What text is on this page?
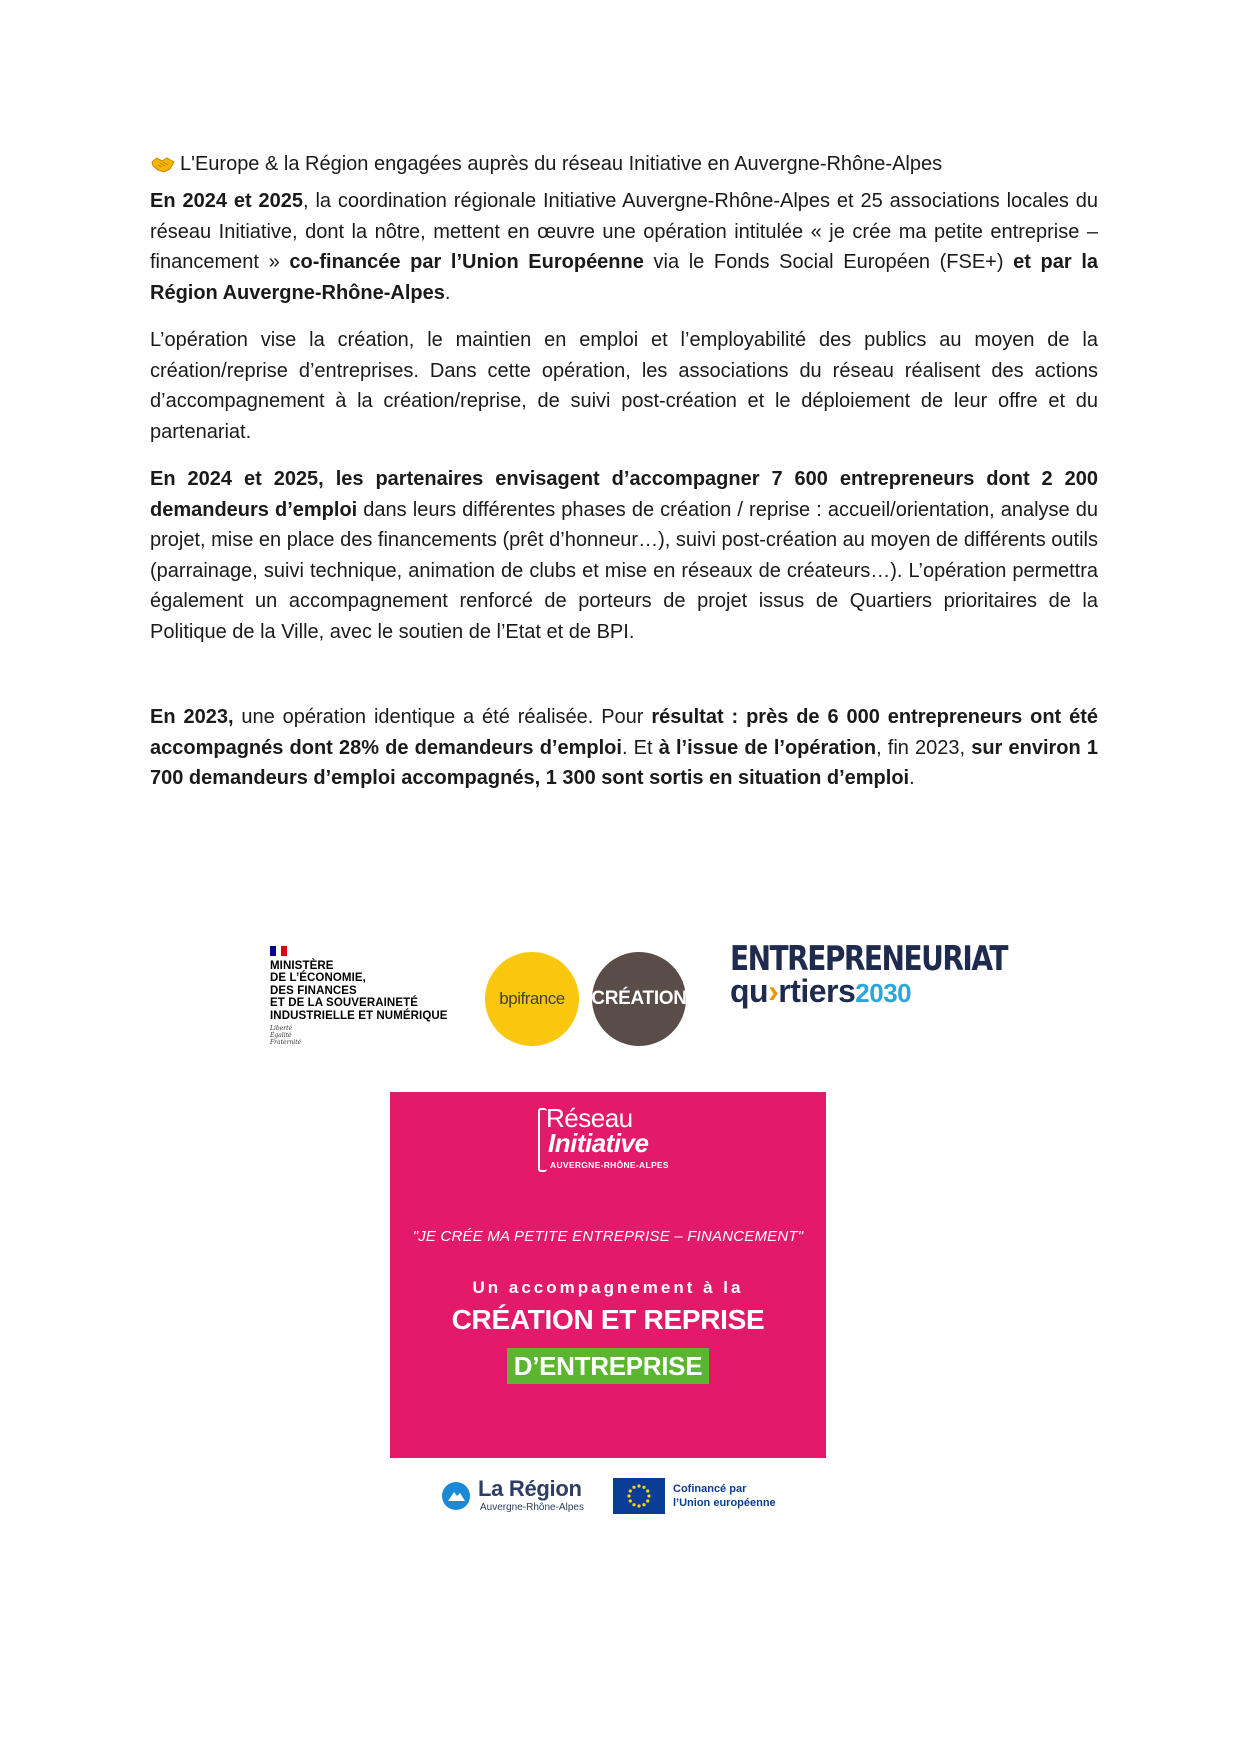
L'Europe & la Région engagées auprès du réseau Initiative en Auvergne-Rhône-Alpes

En 2024 et 2025, la coordination régionale Initiative Auvergne-Rhône-Alpes et 25 associations locales du réseau Initiative, dont la nôtre, mettent en œuvre une opération intitulée « je crée ma petite entreprise – financement » co-financée par l’Union Européenne via le Fonds Social Européen (FSE+) et par la Région Auvergne-Rhône-Alpes.

L’opération vise la création, le maintien en emploi et l’employabilité des publics au moyen de la création/reprise d’entreprises. Dans cette opération, les associations du réseau réalisent des actions d’accompagnement à la création/reprise, de suivi post-création et le déploiement de leur offre et du partenariat.

En 2024 et 2025, les partenaires envisagent d’accompagner 7 600 entrepreneurs dont 2 200 demandeurs d’emploi dans leurs différentes phases de création / reprise : accueil/orientation, analyse du projet, mise en place des financements (prêt d’honneur…), suivi post-création au moyen de différents outils (parrainage, suivi technique, animation de clubs et mise en réseaux de créateurs…). L’opération permettra également un accompagnement renforcé de porteurs de projet issus de Quartiers prioritaires de la Politique de la Ville, avec le soutien de l’Etat et de BPI.

En 2023, une opération identique a été réalisée. Pour résultat : près de 6 000 entrepreneurs ont été accompagnés dont 28% de demandeurs d’emploi. Et à l’issue de l’opération, fin 2023, sur environ 1 700 demandeurs d’emploi accompagnés, 1 300 sont sortis en situation d’emploi.

MINISTÈRE
DE L’ÉCONOMIE,
DES FINANCES
ET DE LA SOUVERAINETÉ
INDUSTRIELLE ET NUMÉRIQUE
Liberté
Égalité
Fraternité
bpifrance CRÉATION
ENTREPRENEURIAT
qu›rtiers2030
Réseau
Initiative
AUVERGNE-RHÔNE-ALPES
"JE CRÉE MA PETITE ENTREPRISE – FINANCEMENT"
Un accompagnement à la
CRÉATION ET REPRISE
D’ENTREPRISE
La Région
Auvergne-Rhône-Alpes
Cofinancé par
l’Union européenne
